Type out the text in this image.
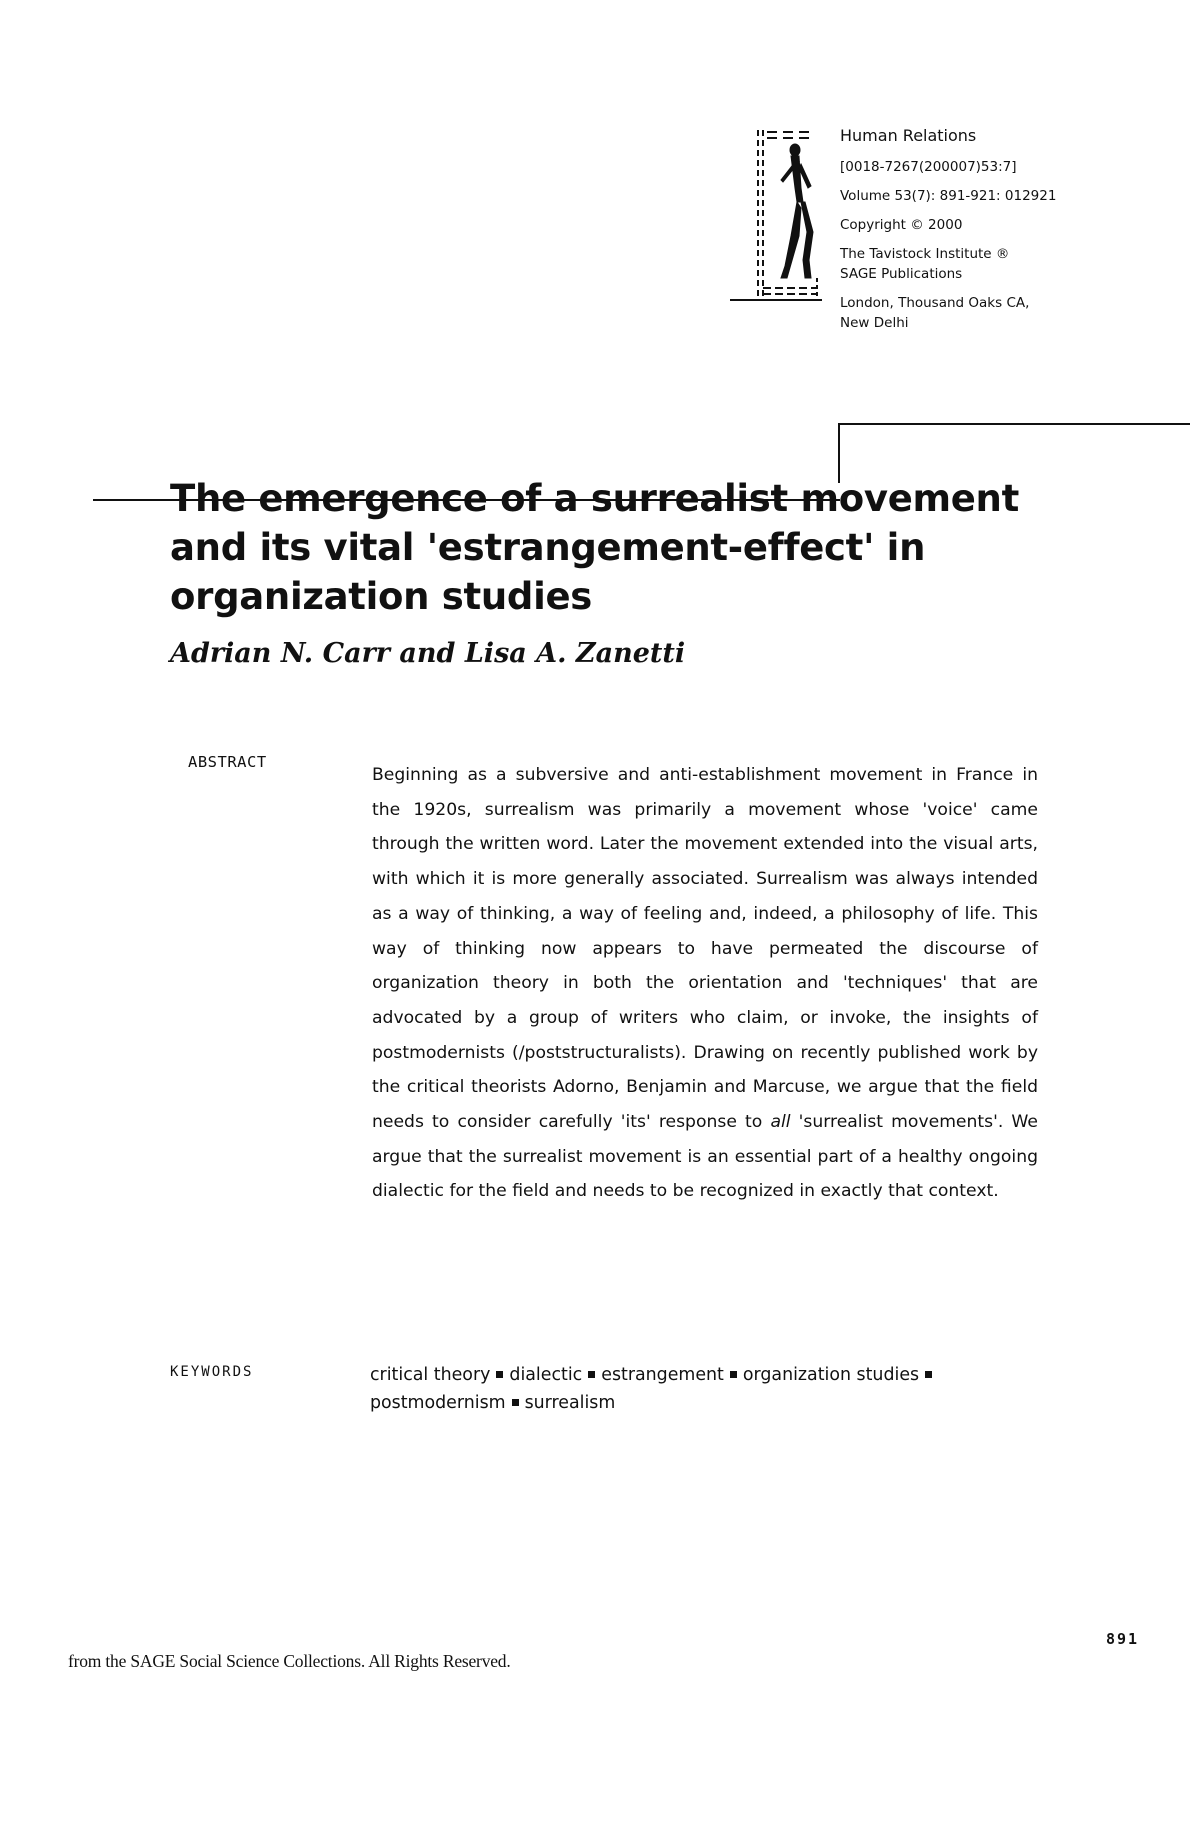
Human Relations
[0018-7267(200007)53:7]
Volume 53(7): 891-921: 012921
Copyright © 2000
The Tavistock Institute ®
SAGE Publications
London, Thousand Oaks CA,
New Delhi
The emergence of a surrealist movement
and its vital 'estrangement-effect' in
organization studies
Adrian N. Carr and Lisa A. Zanetti
ABSTRACT

Beginning as a subversive and anti-establishment movement in France in the 1920s, surrealism was primarily a movement whose 'voice' came through the written word. Later the movement extended into the visual arts, with which it is more generally associated. Surrealism was always intended as a way of thinking, a way of feeling and, indeed, a philosophy of life. This way of thinking now appears to have permeated the discourse of organization theory in both the orientation and 'techniques' that are advocated by a group of writers who claim, or invoke, the insights of postmodernists (/poststructuralists). Drawing on recently published work by the critical theorists Adorno, Benjamin and Marcuse, we argue that the field needs to consider carefully 'its' response to all 'surrealist movements'. We argue that the surrealist movement is an essential part of a healthy ongoing dialectic for the field and needs to be recognized in exactly that context.

KEYWORDS	critical theory dialectic estrangement organization studies
postmodernism surrealism
891
from the SAGE Social Science Collections. All Rights Reserved.
